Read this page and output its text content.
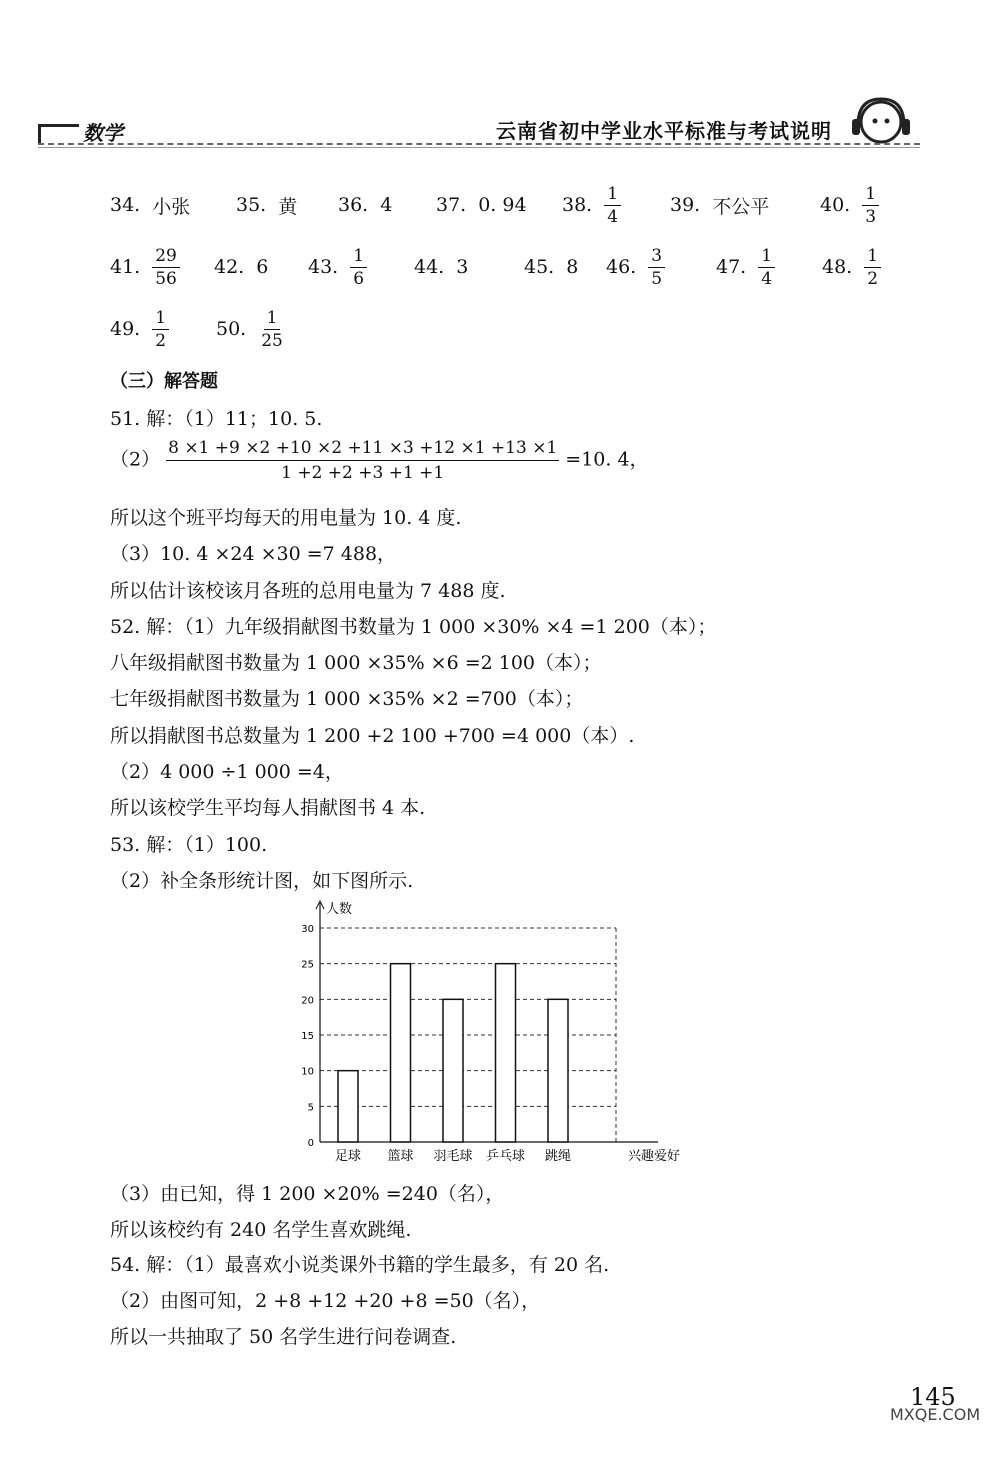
数学	云南省初中学业水平标准与考试说明
34. 小张 35. 黄 36. 4 37. 0. 94 38. $\frac{1}{4}$	39. 不公平	40. $\frac{1}{3}$
41. $\frac{29}{56} 42$. 6 43. $\frac{1}{6} 44$. 3	45. 8 46. $\frac{3}{5}$	47. $\frac{1}{4} 48$. $\frac{1}{2}$
49. $\frac{1}{2} 50$. $\frac{1}{25}$
（三）解答题
51. 解：（1）11；10. 5.
$(2) \frac{8 \times 1 +9 \times 2 +10 \times 2 +11 \times 3 +12 \times 1 +13 \times 1}{1 +2 +2 +3 +1 +1} =10$. 4，
所以这个班平均每天的用电量为 10. 4 度.
（3）10. 4 ×24 ×30 =7 488，
所以估计该校该月各班的总用电量为 7 488 度.
52. 解：（1）九年级捐献图书数量为 1 000 ×30% ×4 =1 200（本）；
八年级捐献图书数量为 1 000 ×35% ×6 =2 100（本）；
七年级捐献图书数量为 1 000 ×35% ×2 =700（本）；
所以捐献图书总数量为 1 200 +2 100 +700 =4 000（本）.
（2）4 000 ÷1 000 =4，
所以该校学生平均每人捐献图书 4 本.
53. 解：（1）100.
（2）补全条形统计图，如下图所示.
（3）由已知，得 1 200 ×20% =240（名），
所以该校约有 240 名学生喜欢跳绳.
54. 解：（1）最喜欢小说类课外书籍的学生最多，有 20 名.
（2）由图可知，2 +8 +12 +20 +8 =50（名），
所以一共抽取了 50 名学生进行问卷调查.
0
5
10
15
20
25
30
人数
足球 篮球 羽毛球 乒乓球 跳绳	兴趣爱好
145
MXQE.COM
